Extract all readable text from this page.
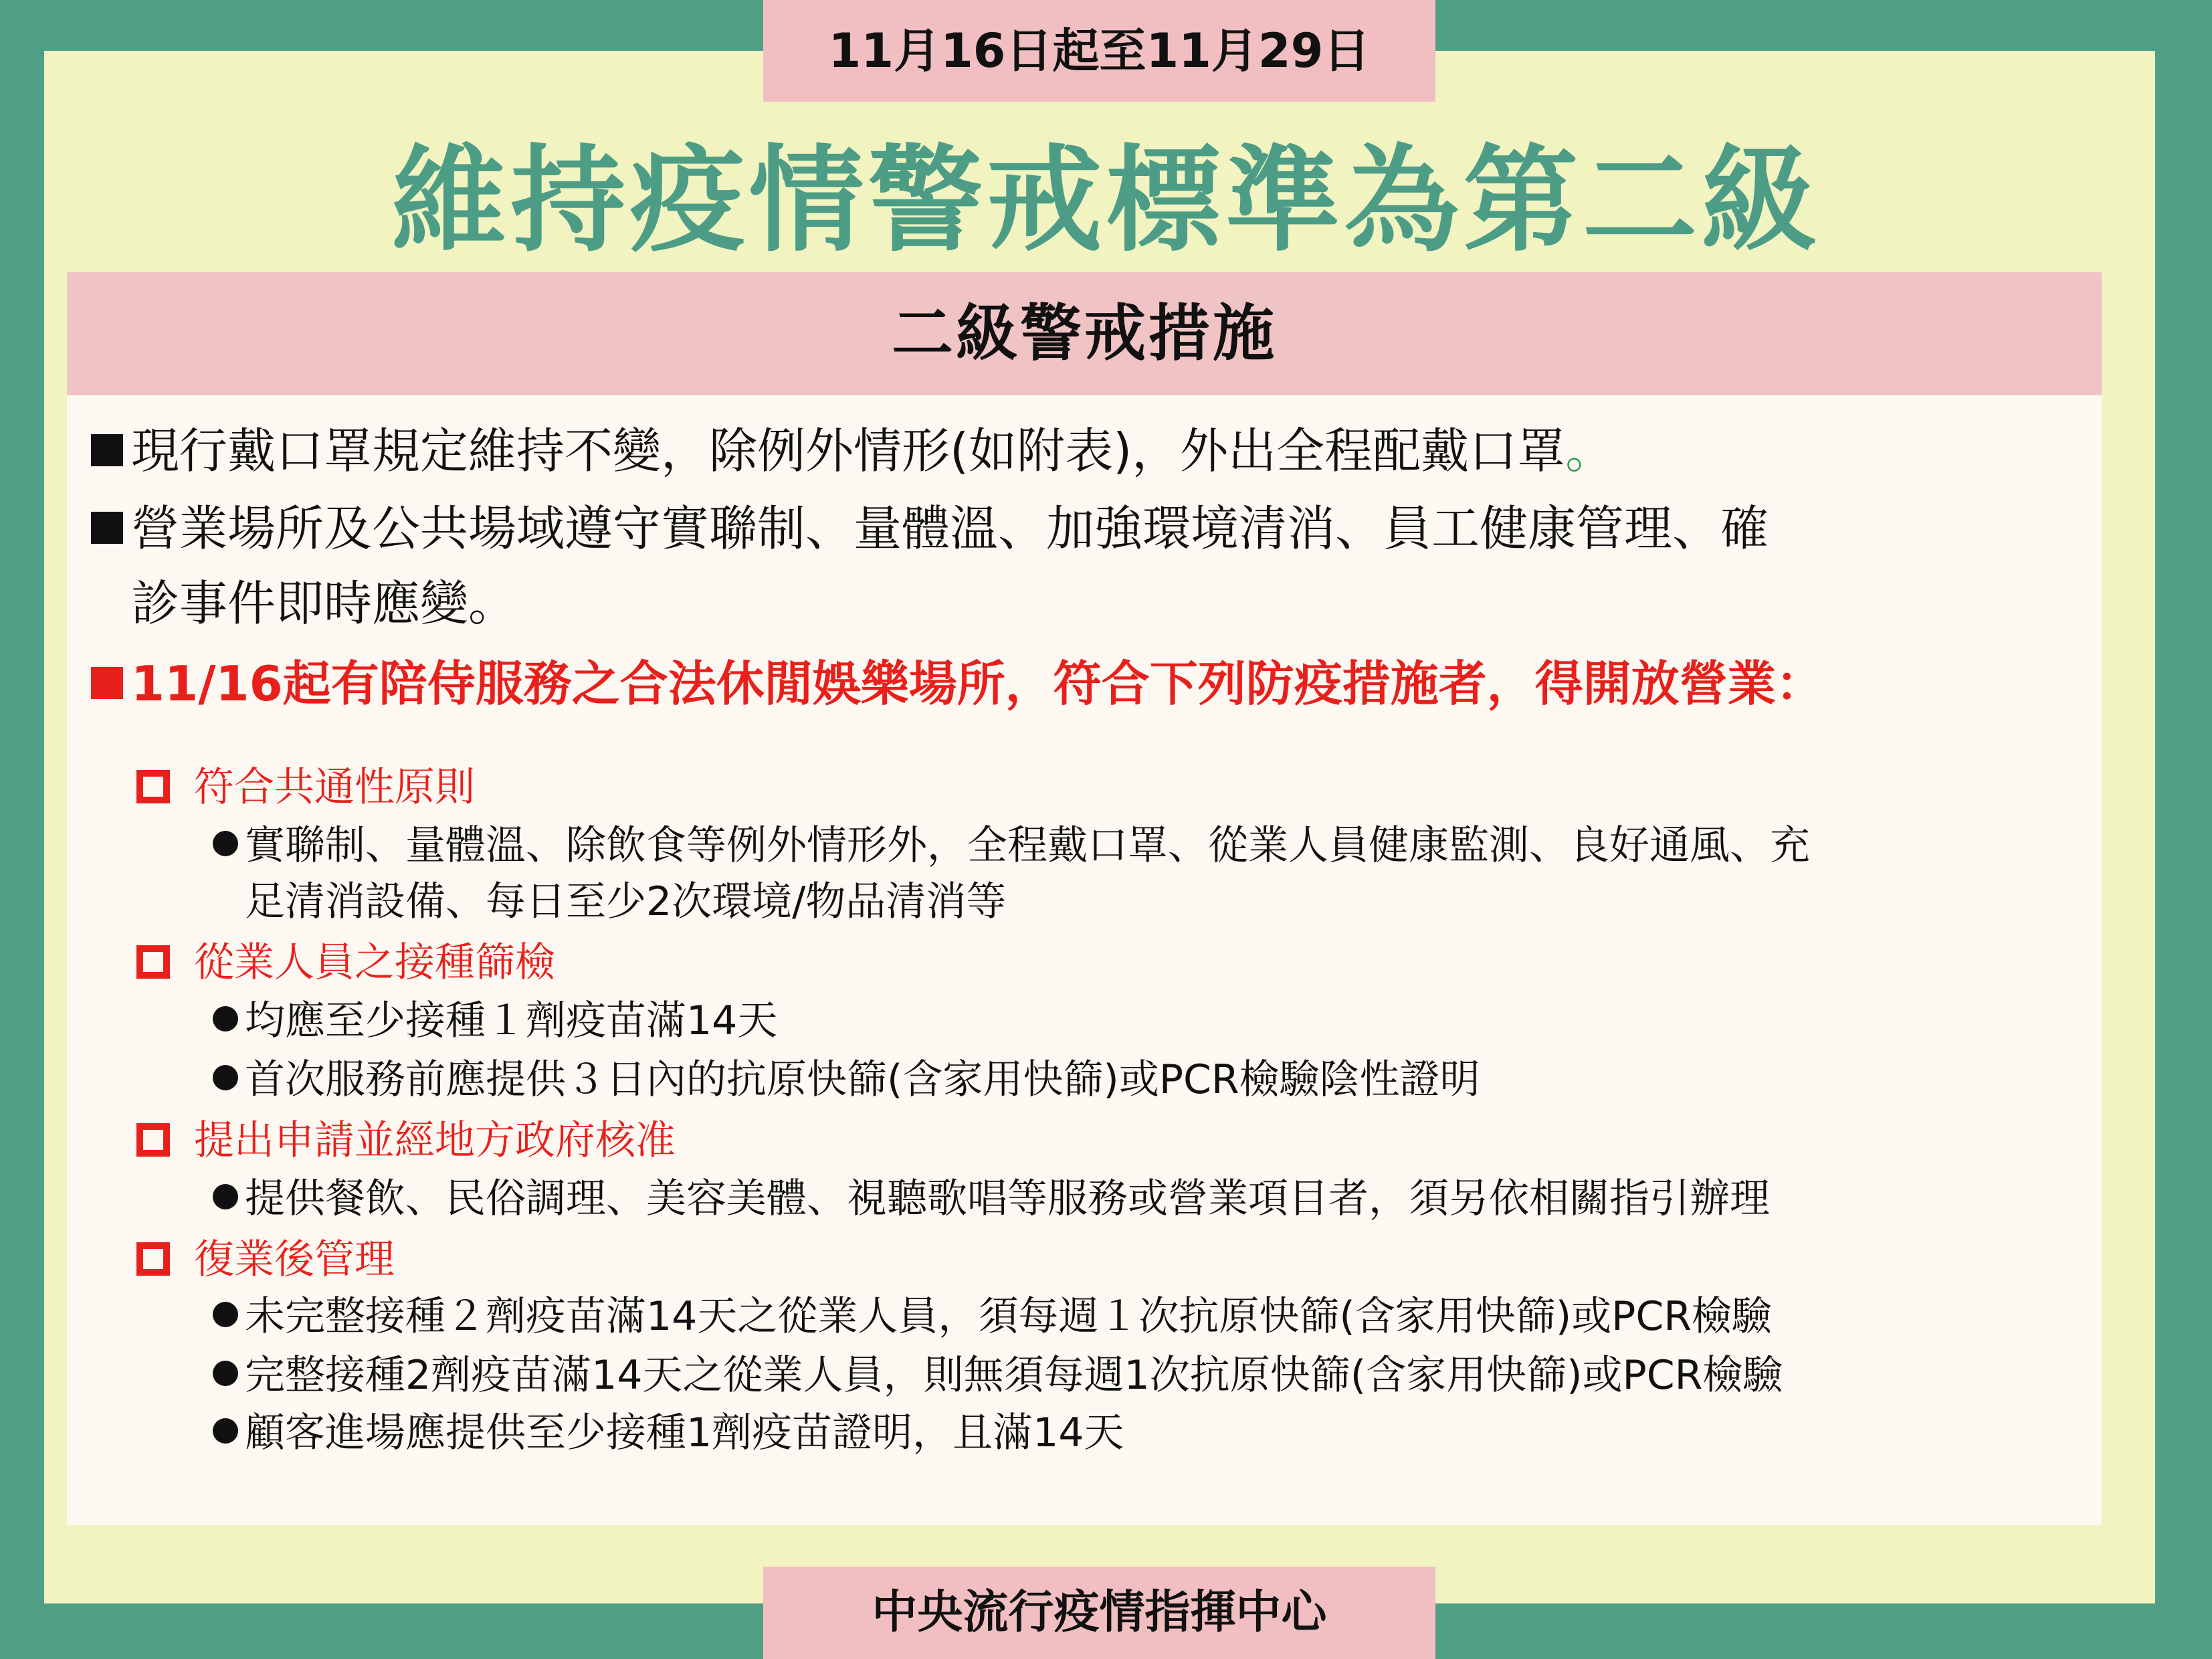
11月16日起至11月29日
維持疫情警戒標準為第二級
二級警戒措施
現行戴口罩規定維持不變，除例外情形(如附表)，外出全程配戴口罩。
營業場所及公共場域遵守實聯制、量體溫、加強環境清消、員工健康管理、確
診事件即時應變。
11/16起有陪侍服務之合法休閒娛樂場所，符合下列防疫措施者，得開放營業：
符合共通性原則
實聯制、量體溫、除飲食等例外情形外，全程戴口罩、從業人員健康監測、良好通風、充
足清消設備、每日至少2次環境/物品清消等
從業人員之接種篩檢
均應至少接種１劑疫苗滿14天
首次服務前應提供３日內的抗原快篩(含家用快篩)或PCR檢驗陰性證明
提出申請並經地方政府核准
提供餐飲、民俗調理、美容美體、視聽歌唱等服務或營業項目者，須另依相關指引辦理
復業後管理
未完整接種２劑疫苗滿14天之從業人員，須每週１次抗原快篩(含家用快篩)或PCR檢驗
完整接種2劑疫苗滿14天之從業人員，則無須每週1次抗原快篩(含家用快篩)或PCR檢驗
顧客進場應提供至少接種1劑疫苗證明，且滿14天
中央流行疫情指揮中心
